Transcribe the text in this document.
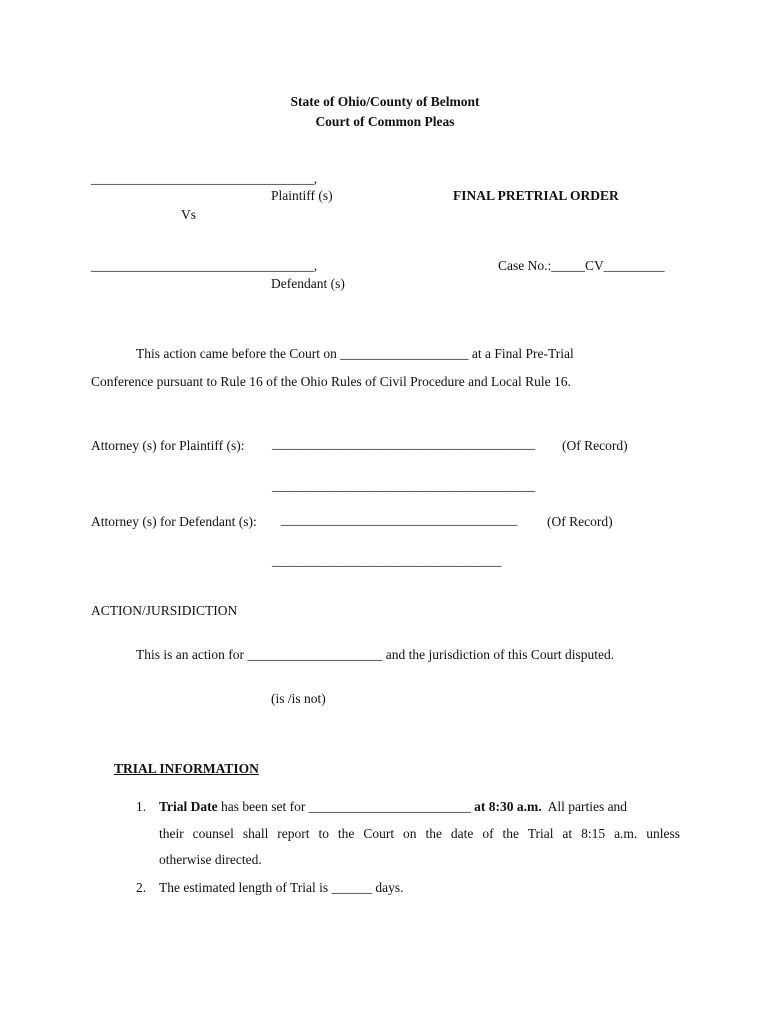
State of Ohio/County of Belmont
Court of Common Pleas
_________________________________,
Plaintiff (s)	FINAL PRETRIAL ORDER
Vs
_________________________________,	Case No.:_____CV_________
Defendant (s)
This action came before the Court on ___________________ at a Final Pre-Trial
Conference pursuant to Rule 16 of the Ohio Rules of Civil Procedure and Local Rule 16.
Attorney (s) for Plaintiff (s): _______________________________________ (Of Record)
_______________________________________
Attorney (s) for Defendant (s): ___________________________________ (Of Record)
__________________________________
ACTION/JURSIDICTION
This is an action for ____________________ and the jurisdiction of this Court disputed.
(is /is not)
TRIAL INFORMATION
1. Trial Date has been set for ________________________ at 8:30 a.m.  All parties and
their counsel shall report to the Court on the date of the Trial at 8:15 a.m. unless
otherwise directed.
2. The estimated length of Trial is ______ days.
